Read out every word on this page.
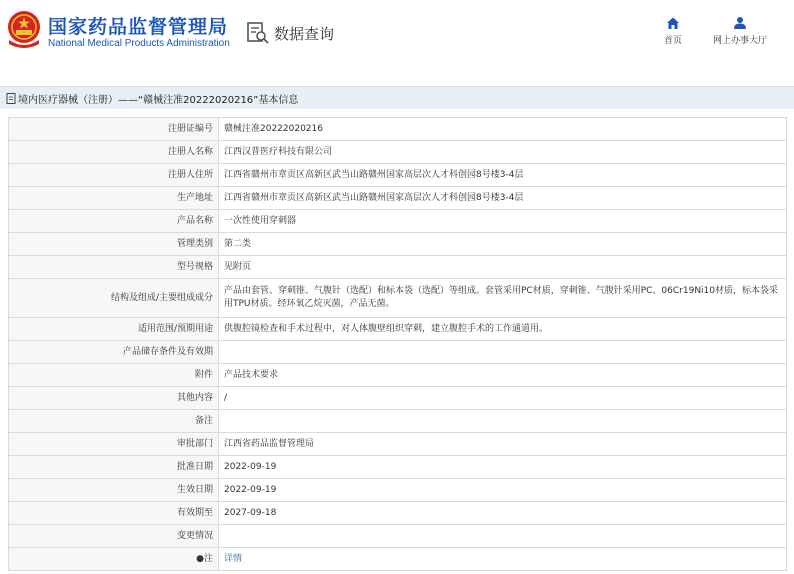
国家药品监督管理局
National Medical Products Administration
数据查询	首页	网上办事大厅
境内医疗器械（注册）——“赣械注准20222020216”基本信息
注册证编号	赣械注准20222020216
注册人名称	江西汉普医疗科技有限公司
注册人住所	江西省赣州市章贡区高新区武当山路赣州国家高层次人才科创园8号楼3-4层
生产地址	江西省赣州市章贡区高新区武当山路赣州国家高层次人才科创园8号楼3-4层
产品名称	一次性使用穿刺器
管理类别	第二类
型号规格	见附页
结构及组成/主要组成成分	产品由套管、穿刺锥、气腹针（选配）和标本袋（选配）等组成。套管采用PC材质，穿刺锥、气腹针采用PC、06Cr19Ni10材质，标本袋采用TPU材质。经环氧乙烷灭菌，产品无菌。
适用范围/预期用途	供腹腔镜检查和手术过程中，对人体腹壁组织穿刺，建立腹腔手术的工作通道用。
产品储存条件及有效期	
附件	产品技术要求
其他内容	/
备注	
审批部门	江西省药品监督管理局
批准日期	2022-09-19
生效日期	2022-09-19
有效期至	2027-09-18
变更情况	
●注	详情
